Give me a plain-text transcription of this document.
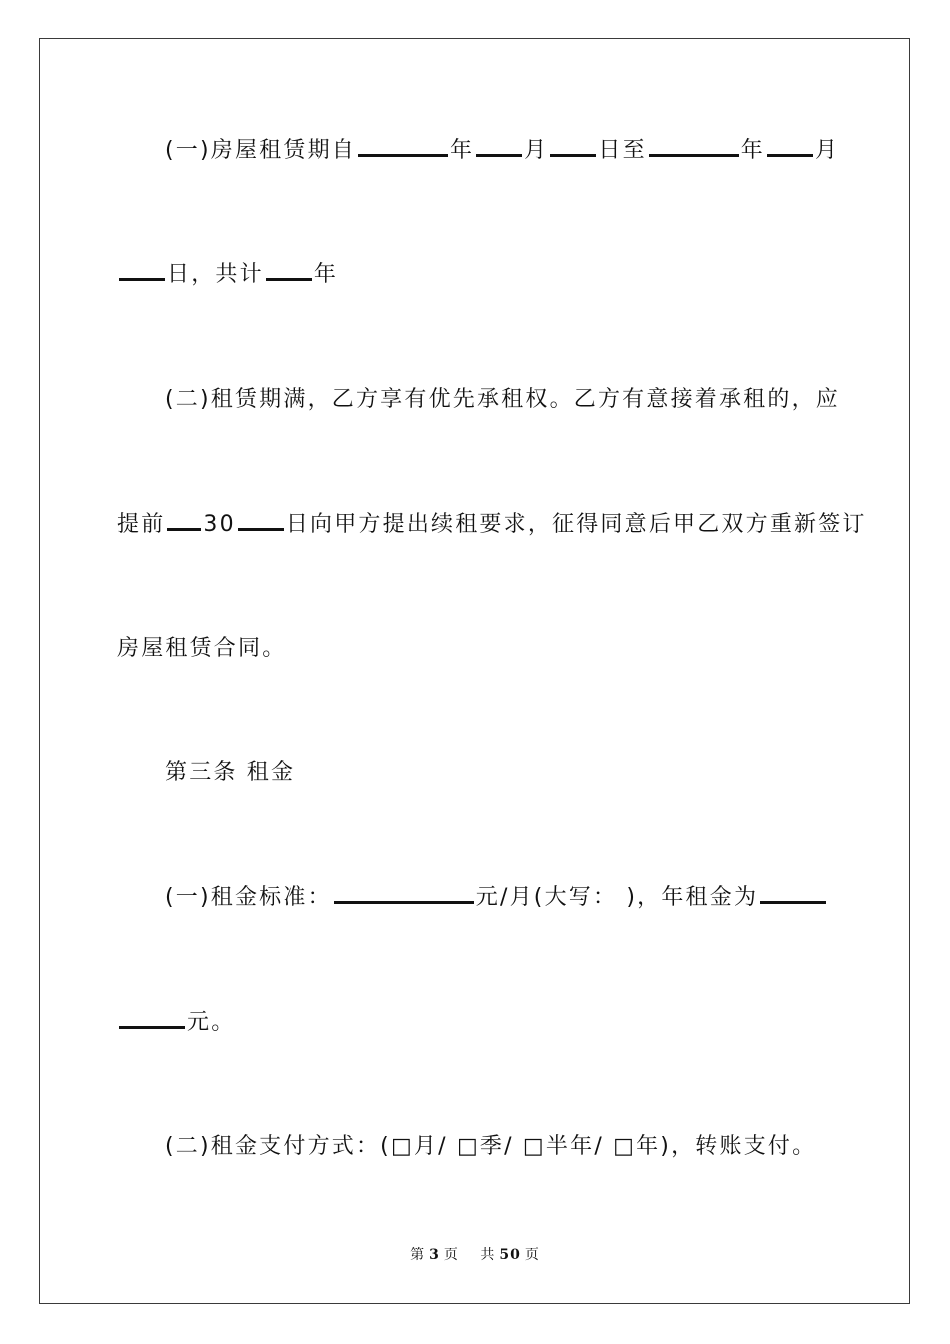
(一)房屋租赁期自	年 月 日至	年 月
日，共计 年
(二)租赁期满，乙方享有优先承租权。乙方有意接着承租的，应
提前 30 日向甲方提出续租要求，征得同意后甲乙双方重新签订
房屋租赁合同。
第三条 租金
(一)租金标准：	元/月(大写： )，年租金为
元。
(二)租金支付方式：(□月/ □季/ □半年/ □年)，转账支付。
第 3 页 共 50 页
